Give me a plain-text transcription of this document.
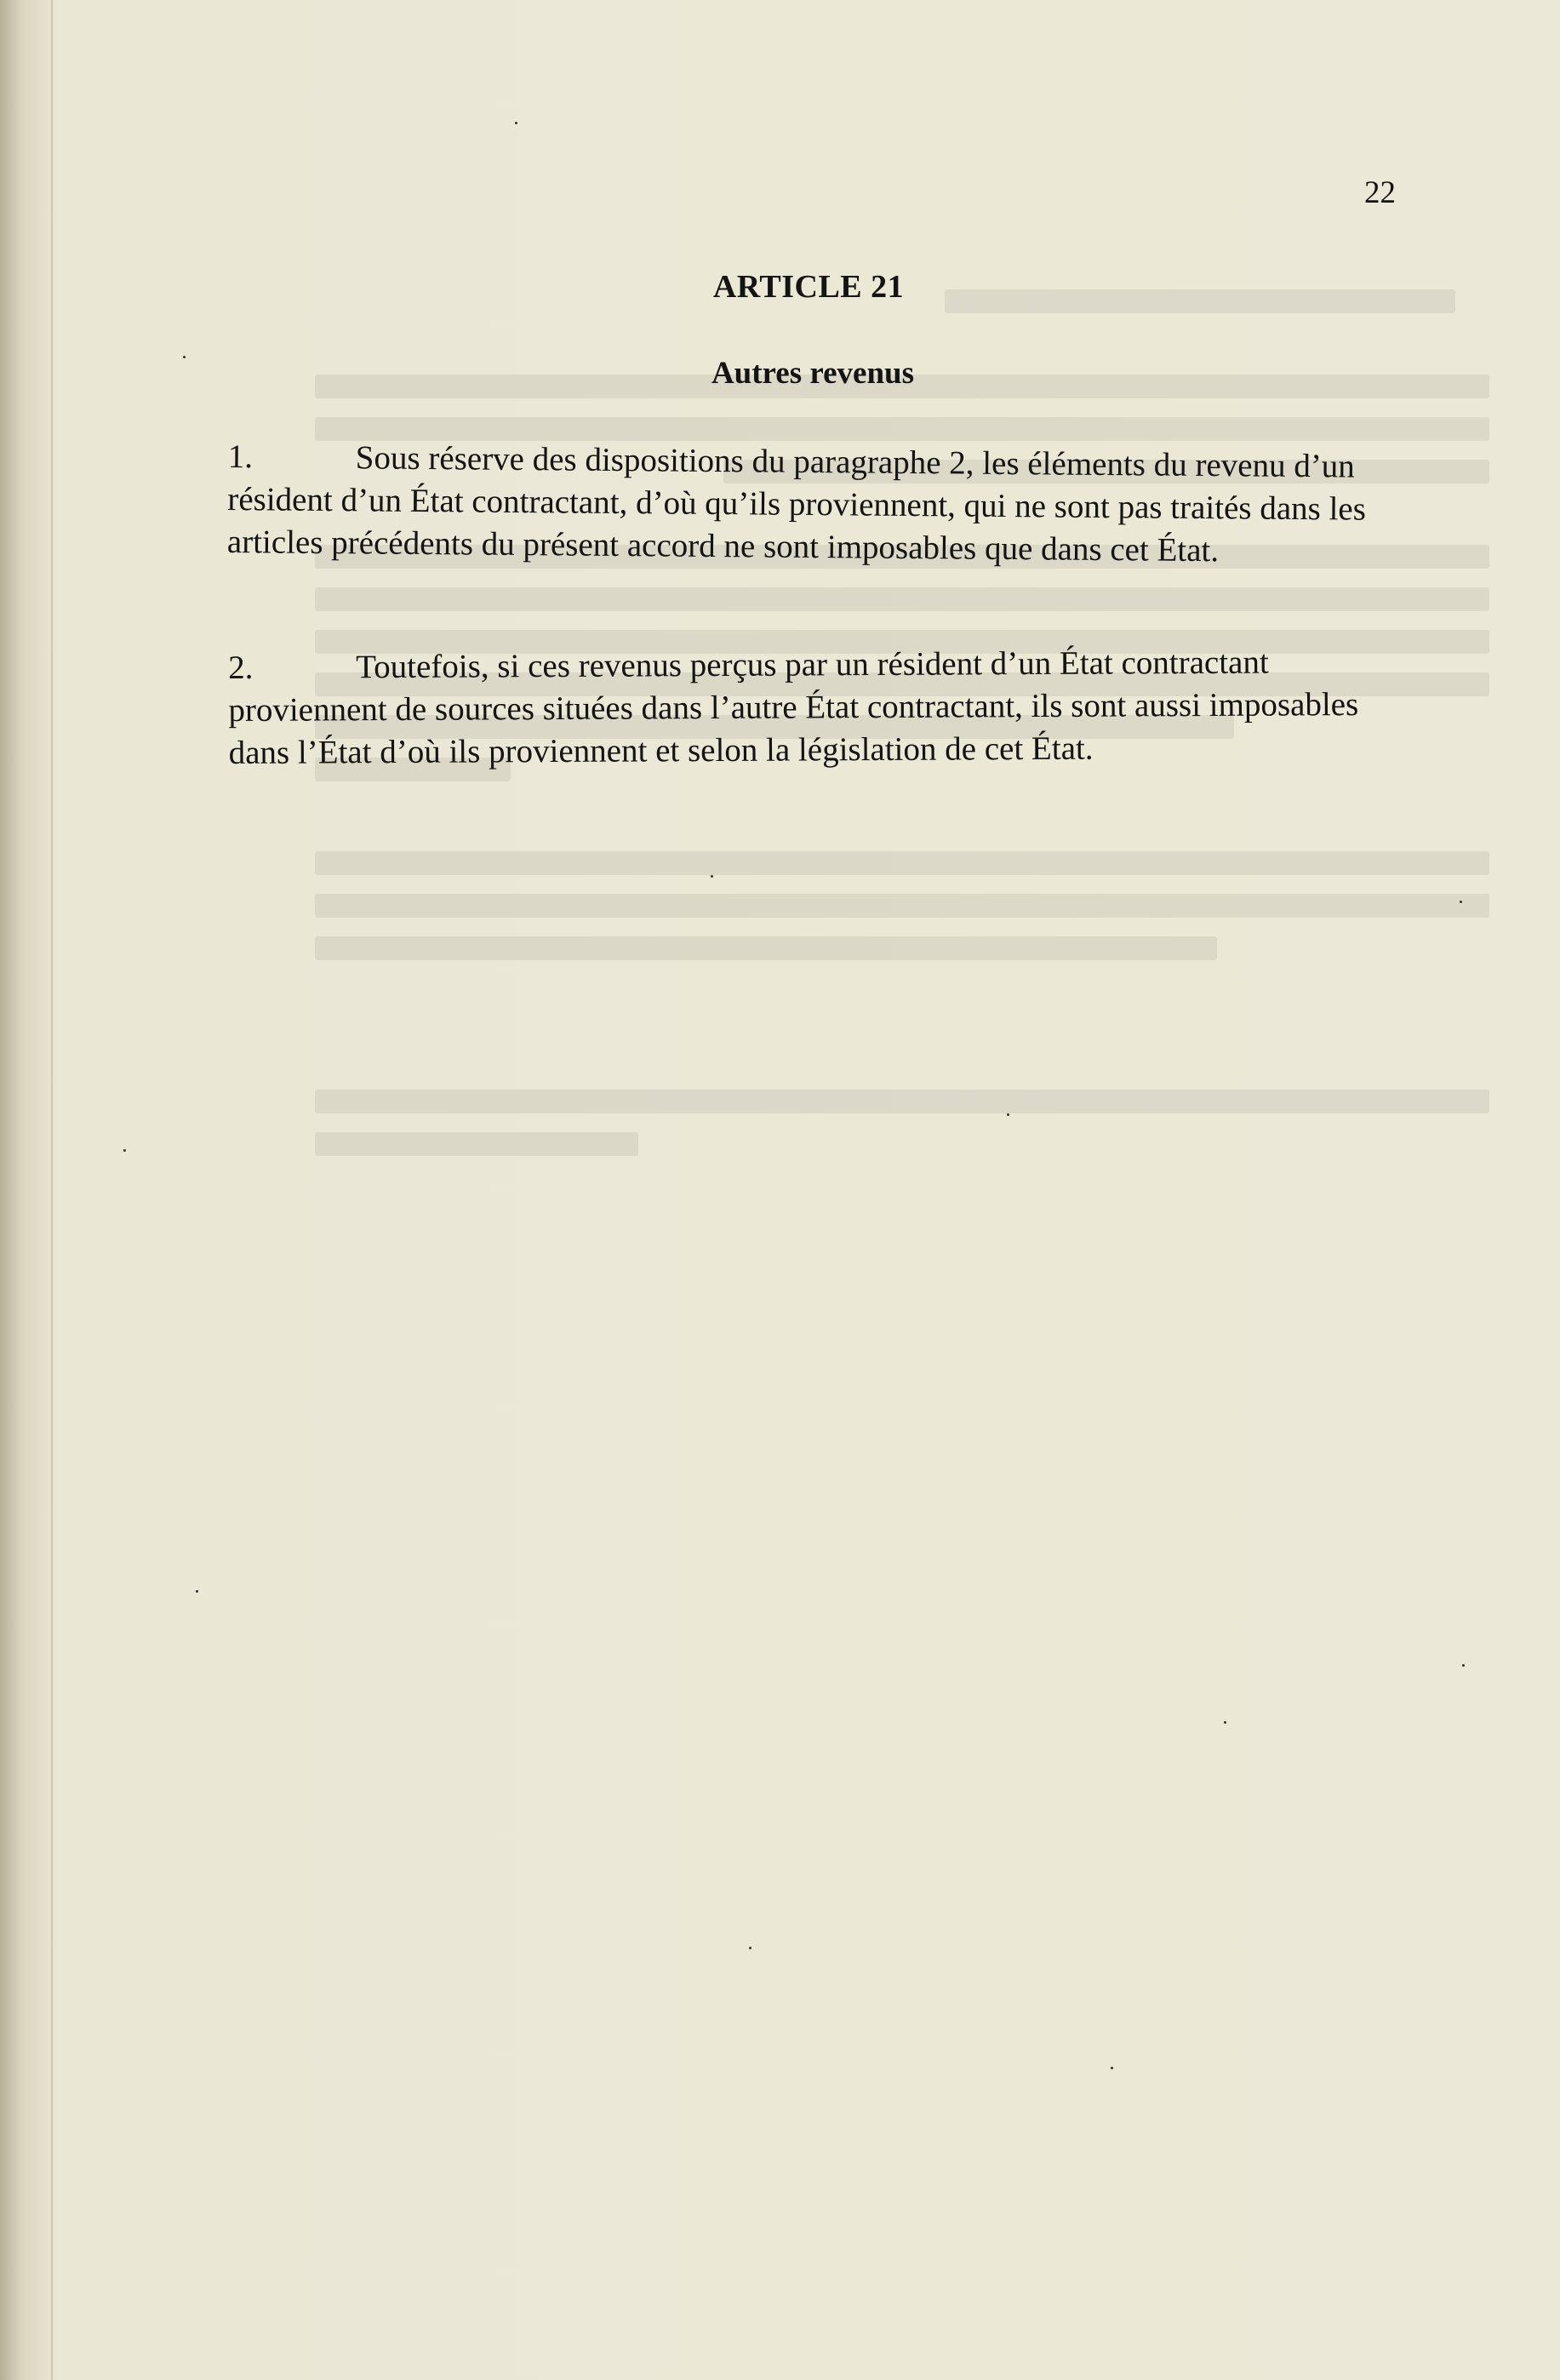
22
ARTICLE 21
Autres revenus
1.	Sous réserve des dispositions du paragraphe 2, les éléments du revenu d’un résident d’un État contractant, d’où qu’ils proviennent, qui ne sont pas traités dans les articles précédents du présent accord ne sont imposables que dans cet État.
2.	Toutefois, si ces revenus perçus par un résident d’un État contractant proviennent de sources situées dans l’autre État contractant, ils sont aussi imposables dans l’État d’où ils proviennent et selon la législation de cet État.
